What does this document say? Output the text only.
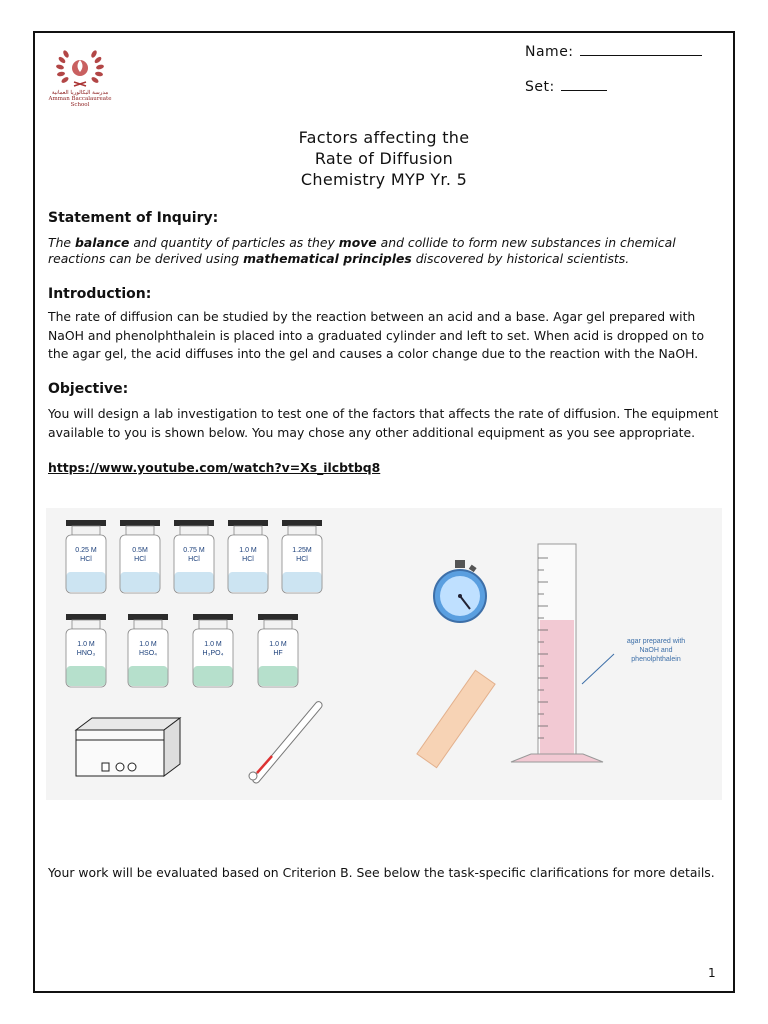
مدرسة البكالوريا العمانية
Amman Baccalaureate School
Name:
Set:
Factors affecting the
Rate of Diffusion
Chemistry MYP Yr. 5
Statement of Inquiry:
The balance and quantity of particles as they move and collide to form new substances in chemical reactions can be derived using mathematical principles discovered by historical scientists.
Introduction:
The rate of diffusion can be studied by the reaction between an acid and a base. Agar gel prepared with NaOH and phenolphthalein is placed into a graduated cylinder and left to set. When acid is dropped on to the agar gel, the acid diffuses into the gel and causes a color change due to the reaction with the NaOH.
Objective:
You will design a lab investigation to test one of the factors that affects the rate of diffusion. The equipment available to you is shown below. You may chose any other additional equipment as you see appropriate.
https://www.youtube.com/watch?v=Xs_ilcbtbq8
0.25 M
HCl
0.5M
HCl
0.75 M
HCl
1.0 M
HCl
1.25M
HCl
1.0 M
HNO₃
1.0 M
HSO₄
1.0 M
H₃PO₄
1.0 M
HF
agar prepared with
NaOH and
phenolphthalein
Your work will be evaluated based on Criterion B. See below the task-specific clarifications for more details.
1
